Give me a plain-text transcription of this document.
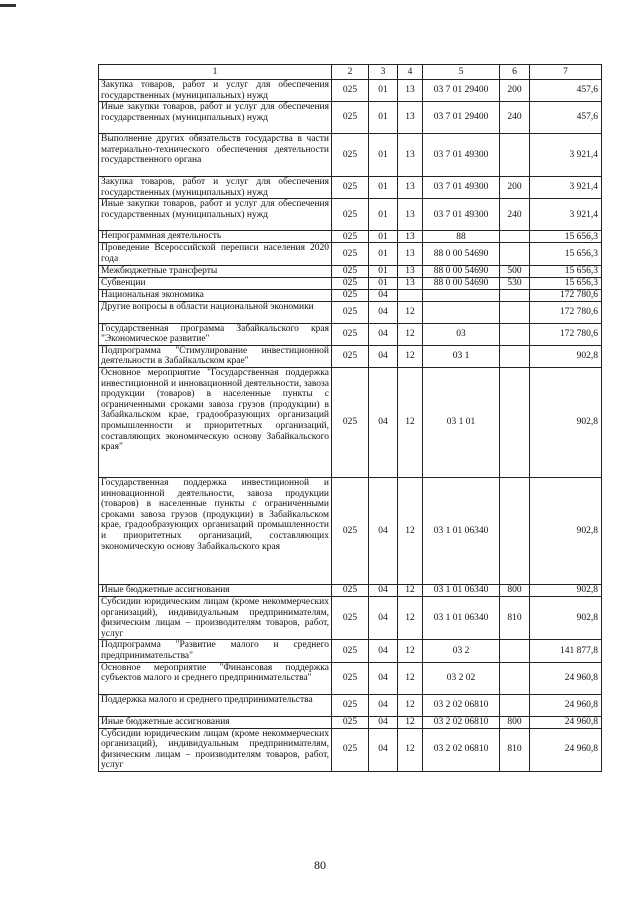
1	2	3	4	5	6	7
Закупка товаров, работ и услуг для обеспечения государственных (муниципальных) нужд	025	01	13	03 7 01 29400	200	457,6
Иные закупки товаров, работ и услуг для обеспечения государственных (муниципальных) нужд	025	01	13	03 7 01 29400	240	457,6
Выполнение других обязательств государства в части материально-технического обеспечения деятельности государственного органа	025	01	13	03 7 01 49300		3 921,4
Закупка товаров, работ и услуг для обеспечения государственных (муниципальных) нужд	025	01	13	03 7 01 49300	200	3 921,4
Иные закупки товаров, работ и услуг для обеспечения государственных (муниципальных) нужд	025	01	13	03 7 01 49300	240	3 921,4
Непрограммная деятельность	025	01	13	88		15 656,3
Проведение Всероссийской переписи населения 2020 года	025	01	13	88 0 00 54690		15 656,3
Межбюджетные трансферты	025	01	13	88 0 00 54690	500	15 656,3
Субвенции	025	01	13	88 0 00 54690	530	15 656,3
Национальная экономика	025	04				172 780,6
Другие вопросы в области национальной экономики	025	04	12			172 780,6
Государственная программа Забайкальского края "Экономическое развитие"	025	04	12	03		172 780,6
Подпрограмма "Стимулирование инвестиционной деятельности в Забайкальском крае"	025	04	12	03 1		902,8
Основное мероприятие "Государственная поддержка инвестиционной и инновационной деятельности, завоза продукции (товаров) в населенные пункты с ограниченными сроками завоза грузов (продукции) в Забайкальском крае, градообразующих организаций промышленности и приоритетных организаций, составляющих экономическую основу Забайкальского края"	025	04	12	03 1 01		902,8
Государственная поддержка инвестиционной и инновационной деятельности, завоза продукции (товаров) в населенные пункты с ограниченными сроками завоза грузов (продукции) в Забайкальском крае, градообразующих организаций промышленности и приоритетных организаций, составляющих экономическую основу Забайкальского края	025	04	12	03 1 01 06340		902,8
Иные бюджетные ассигнования	025	04	12	03 1 01 06340	800	902,8
Субсидии юридическим лицам (кроме некоммерческих организаций), индивидуальным предпринимателям, физическим лицам – производителям товаров, работ, услуг	025	04	12	03 1 01 06340	810	902,8
Подпрограмма "Развитие малого и среднего предпринимательства"	025	04	12	03 2		141 877,8
Основное мероприятие "Финансовая поддержка субъектов малого и среднего предпринимательства"	025	04	12	03 2 02		24 960,8
Поддержка малого и среднего предпринимательства	025	04	12	03 2 02 06810		24 960,8
Иные бюджетные ассигнования	025	04	12	03 2 02 06810	800	24 960,8
Субсидии юридическим лицам (кроме некоммерческих организаций), индивидуальным предпринимателям, физическим лицам – производителям товаров, работ, услуг	025	04	12	03 2 02 06810	810	24 960,8
80
